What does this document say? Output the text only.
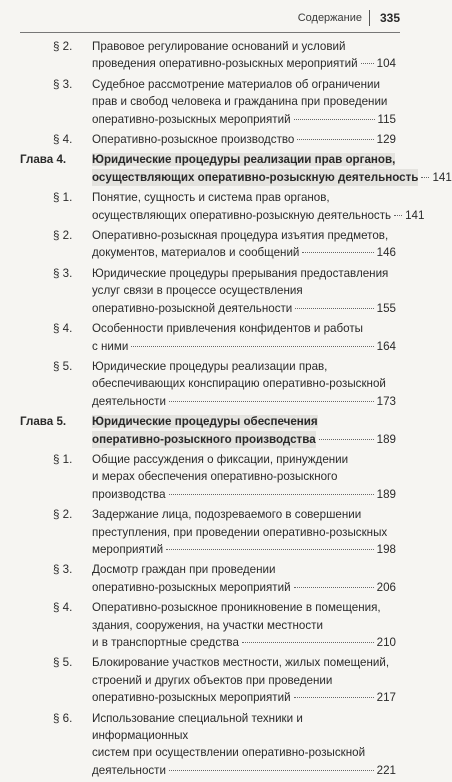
Содержание 335
§ 2.	Правовое регулирование оснований и условий
проведения оперативно-розыскных мероприятий 104
§ 3.	Судебное рассмотрение материалов об ограничении
прав и свобод человека и гражданина при проведении
оперативно-розыскных мероприятий	115
§ 4.	Оперативно-розыскное производство	129
Глава 4.	Юридические процедуры реализации прав органов,
осуществляющих оперативно-розыскную деятельность 141
§ 1.	Понятие, сущность и система прав органов,
осуществляющих оперативно-розыскную деятельность 141
§ 2.	Оперативно-розыскная процедура изъятия предметов,
документов, материалов и сообщений	146
§ 3.	Юридические процедуры прерывания предоставления
услуг связи в процессе осуществления
оперативно-розыскной деятельности	155
§ 4.	Особенности привлечения конфидентов и работы
с ними	164
§ 5.	Юридические процедуры реализации прав,
обеспечивающих конспирацию оперативно-розыскной
деятельности	173
Глава 5.	Юридические процедуры обеспечения
оперативно-розыскного производства	189
§ 1.	Общие рассуждения о фиксации, принуждении
и мерах обеспечения оперативно-розыскного
производства	189
§ 2.	Задержание лица, подозреваемого в совершении
преступления, при проведении оперативно-розыскных
мероприятий	198
§ 3.	Досмотр граждан при проведении
оперативно-розыскных мероприятий	206
§ 4.	Оперативно-розыскное проникновение в помещения,
здания, сооружения, на участки местности
и в транспортные средства	210
§ 5.	Блокирование участков местности, жилых помещений,
строений и других объектов при проведении
оперативно-розыскных мероприятий	217
§ 6.	Использование специальной техники и информационных
систем при осуществлении оперативно-розыскной
деятельности	221
